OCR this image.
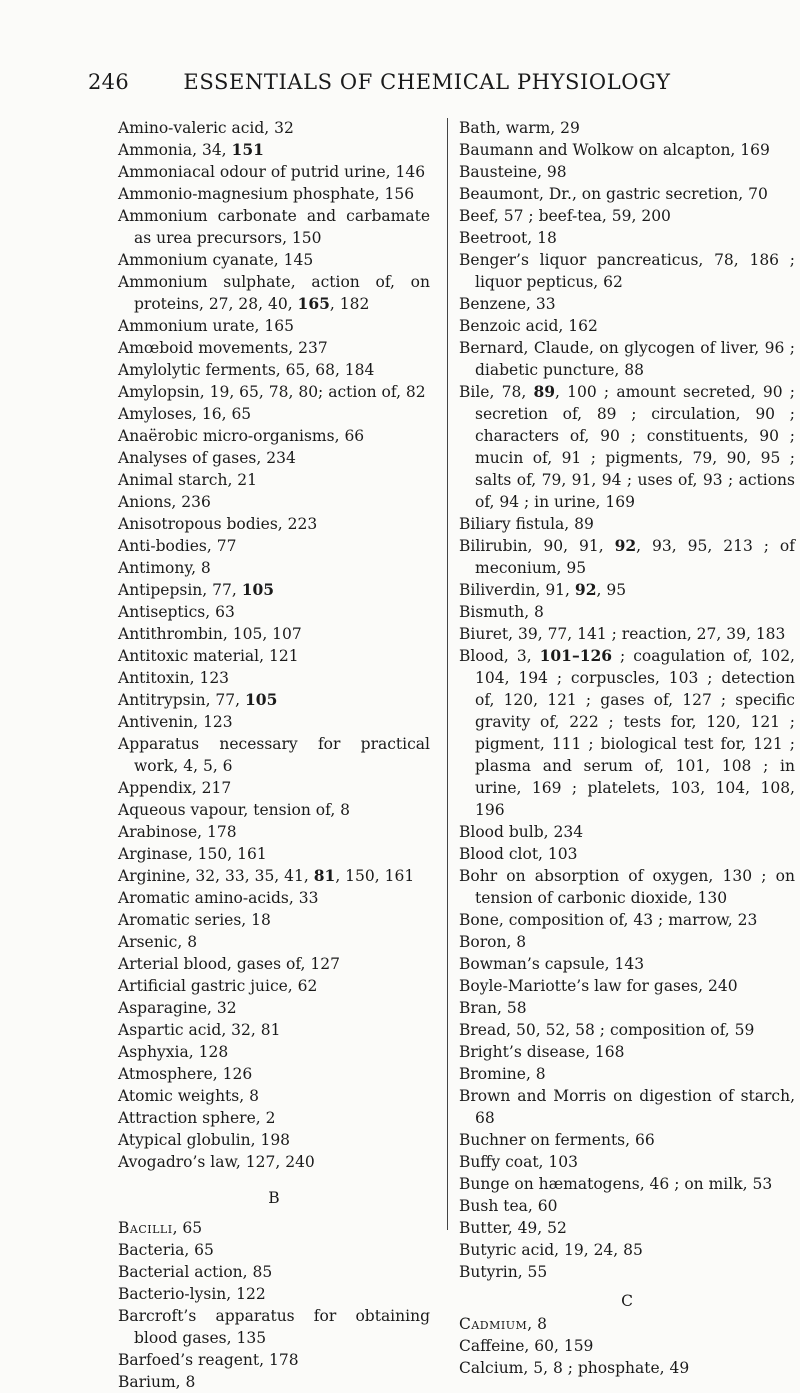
246	ESSENTIALS OF CHEMICAL PHYSIOLOGY

Amino-valeric acid, 32

Ammonia, 34, 151

Ammoniacal odour of putrid urine, 146

Ammonio-magnesium phosphate, 156

Ammonium carbonate and carbamate as urea precursors, 150

Ammonium cyanate, 145

Ammonium sulphate, action of, on proteins, 27, 28, 40, 165, 182

Ammonium urate, 165

Amœboid movements, 237

Amylolytic ferments, 65, 68, 184

Amylopsin, 19, 65, 78, 80; action of, 82

Amyloses, 16, 65

Anaërobic micro-organisms, 66

Analyses of gases, 234

Animal starch, 21

Anions, 236

Anisotropous bodies, 223

Anti-bodies, 77

Antimony, 8

Antipepsin, 77, 105

Antiseptics, 63

Antithrombin, 105, 107

Antitoxic material, 121

Antitoxin, 123

Antitrypsin, 77, 105

Antivenin, 123

Apparatus necessary for practical work, 4, 5, 6

Appendix, 217

Aqueous vapour, tension of, 8

Arabinose, 178

Arginase, 150, 161

Arginine, 32, 33, 35, 41, 81, 150, 161

Aromatic amino-acids, 33

Aromatic series, 18

Arsenic, 8

Arterial blood, gases of, 127

Artificial gastric juice, 62

Asparagine, 32

Aspartic acid, 32, 81

Asphyxia, 128

Atmosphere, 126

Atomic weights, 8

Attraction sphere, 2

Atypical globulin, 198

Avogadro’s law, 127, 240

B

Bacilli, 65

Bacteria, 65

Bacterial action, 85

Bacterio-lysin, 122

Barcroft’s apparatus for obtaining blood gases, 135

Barfoed’s reagent, 178

Barium, 8

Bath, warm, 29

Baumann and Wolkow on alcapton, 169

Bausteine, 98

Beaumont, Dr., on gastric secretion, 70

Beef, 57 ; beef-tea, 59, 200

Beetroot, 18

Benger’s liquor pancreaticus, 78, 186 ; liquor pepticus, 62

Benzene, 33

Benzoic acid, 162

Bernard, Claude, on glycogen of liver, 96 ; diabetic puncture, 88

Bile, 78, 89, 100 ; amount secreted, 90 ; secretion of, 89 ; circulation, 90 ; characters of, 90 ; constituents, 90 ; mucin of, 91 ; pigments, 79, 90, 95 ; salts of, 79, 91, 94 ; uses of, 93 ; actions of, 94 ; in urine, 169

Biliary fistula, 89

Bilirubin, 90, 91, 92, 93, 95, 213 ; of meconium, 95

Biliverdin, 91, 92, 95

Bismuth, 8

Biuret, 39, 77, 141 ; reaction, 27, 39, 183

Blood, 3, 101–126 ; coagulation of, 102, 104, 194 ; corpuscles, 103 ; detection of, 120, 121 ; gases of, 127 ; specific gravity of, 222 ; tests for, 120, 121 ; pigment, 111 ; biological test for, 121 ; plasma and serum of, 101, 108 ; in urine, 169 ; platelets, 103, 104, 108, 196

Blood bulb, 234

Blood clot, 103

Bohr on absorption of oxygen, 130 ; on tension of carbonic dioxide, 130

Bone, composition of, 43 ; marrow, 23

Boron, 8

Bowman’s capsule, 143

Boyle-Mariotte’s law for gases, 240

Bran, 58

Bread, 50, 52, 58 ; composition of, 59

Bright’s disease, 168

Bromine, 8

Brown and Morris on digestion of starch, 68

Buchner on ferments, 66

Buffy coat, 103

Bunge on hæmatogens, 46 ; on milk, 53

Bush tea, 60

Butter, 49, 52

Butyric acid, 19, 24, 85

Butyrin, 55

C

Cadmium, 8

Caffeine, 60, 159

Calcium, 5, 8 ; phosphate, 49
